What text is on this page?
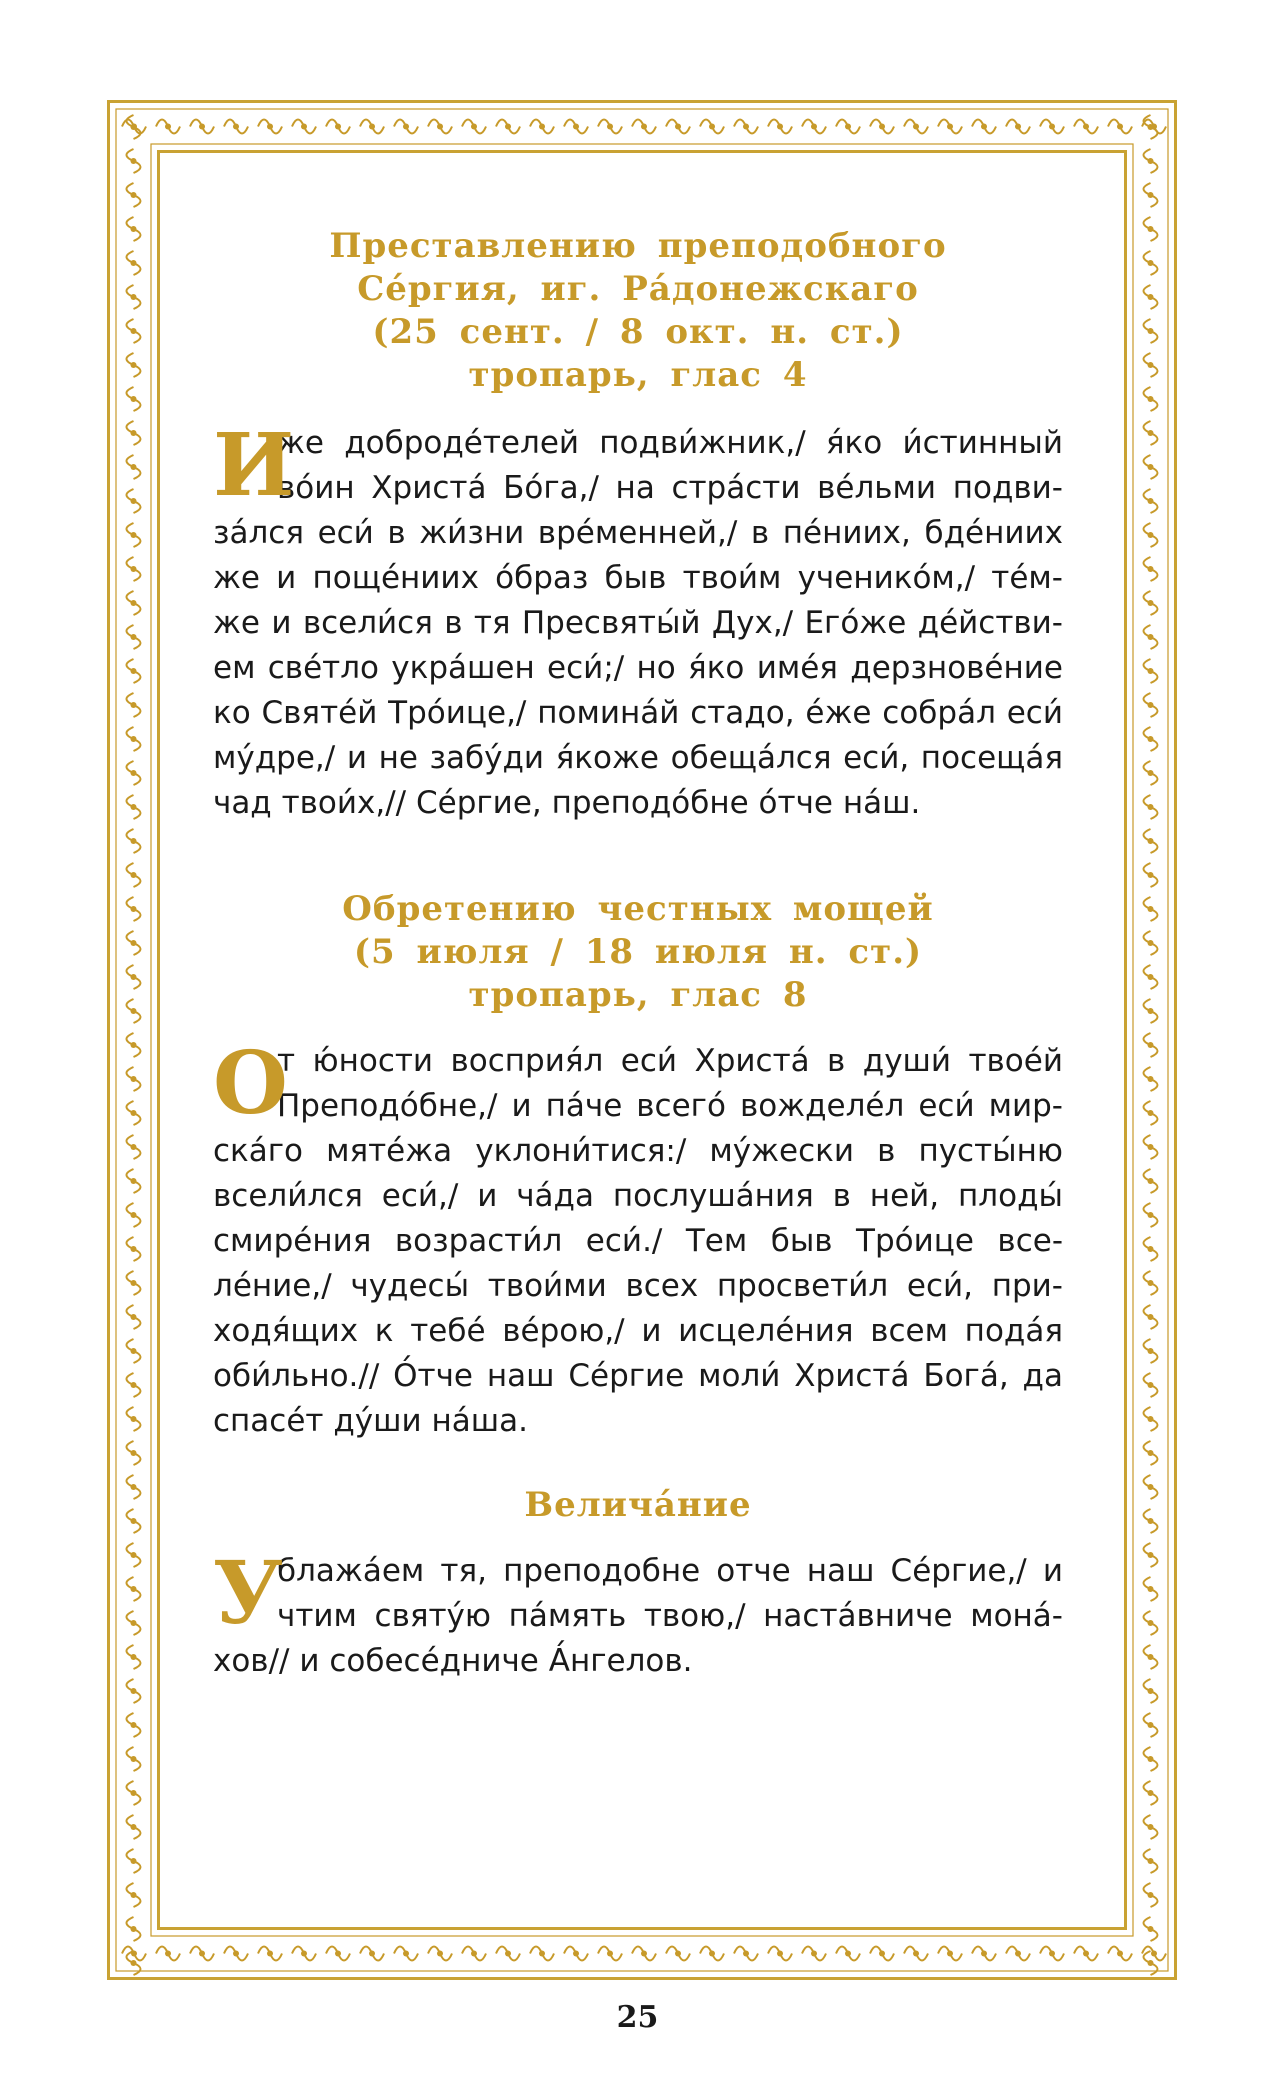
Преставлению преподобного
Се́ргия, иг. Ра́донежскаго
(25 сент. / 8 окт. н. ст.)
тропарь, глас 4
И
же доброде́телей подви́жник,/ я́ко и́стинный
во́ин Христа́ Бо́га,/ на стра́сти ве́льми подви-
за́лся еси́ в жи́зни вре́менней,/ в пе́ниих, бде́ниих
же и поще́ниих о́браз быв твои́м ученико́м,/ те́м-
же и всели́ся в тя Пресвяты́й Дух,/ Его́же де́йстви-
ем све́тло укра́шен еси́;/ но я́ко име́я дерзнове́ние
ко Святе́й Тро́ице,/ помина́й стадо, е́же собра́л еси́
му́дре,/ и не забу́ди я́коже обеща́лся еси́, посеща́я
чад твои́х,// Се́ргие, преподо́бне о́тче на́ш.
Обретению честных мощей
(5 июля / 18 июля н. ст.)
тропарь, глас 8
О
т ю́ности восприя́л еси́ Христа́ в души́ твое́й
Преподо́бне,/ и па́че всего́ вожделе́л еси́ мир-
ска́го мяте́жа уклони́тися:/ му́жески в пусты́ню
всели́лся еси́,/ и ча́да послуша́ния в ней, плоды́
смире́ния возрасти́л еси́./ Тем быв Тро́ице все-
ле́ние,/ чудесы́ твои́ми всех просвети́л еси́, при-
ходя́щих к тебе́ ве́рою,/ и исцеле́ния всем пода́я
оби́льно.// О́тче наш Се́ргие моли́ Христа́ Бога́, да
спасе́т ду́ши на́ша.
Велича́ние
У
блажа́ем тя, преподобне отче наш Се́ргие,/ и
чтим святу́ю па́мять твою,/ наста́вниче мона́-
хов// и собесе́дниче А́нгелов.
25
